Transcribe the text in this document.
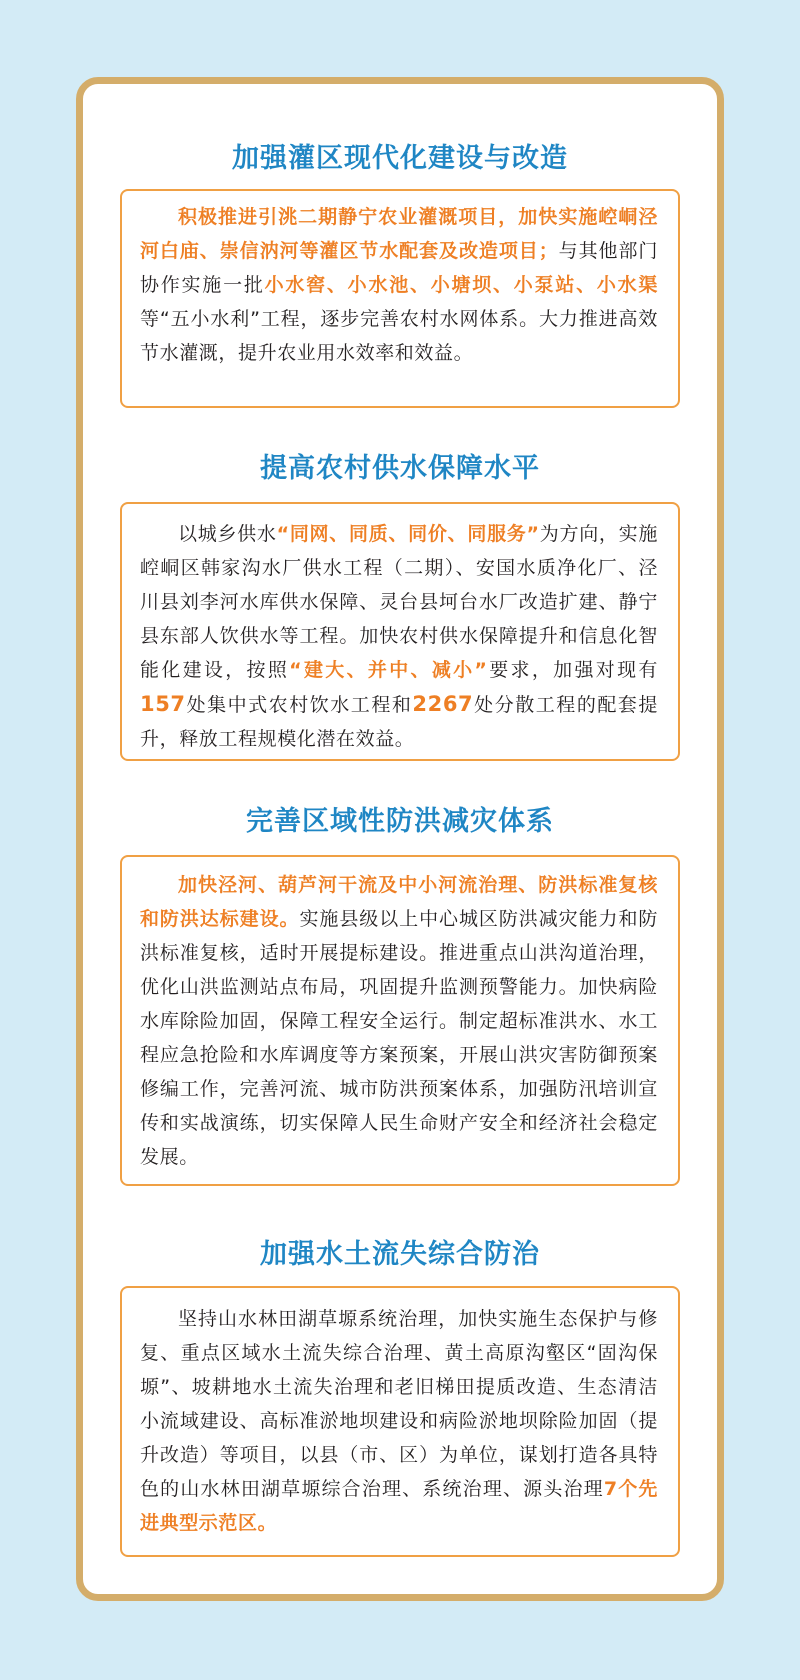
加强灌区现代化建设与改造

积极推进引洮二期静宁农业灌溉项目，加快实施崆峒泾河白庙、崇信汭河等灌区节水配套及改造项目；与其他部门协作实施一批小水窖、小水池、小塘坝、小泵站、小水渠等“五小水利”工程，逐步完善农村水网体系。大力推进高效节水灌溉，提升农业用水效率和效益。

提高农村供水保障水平

以城乡供水“同网、同质、同价、同服务”为方向，实施崆峒区韩家沟水厂供水工程（二期）、安国水质净化厂、泾川县刘李河水库供水保障、灵台县坷台水厂改造扩建、静宁县东部人饮供水等工程。加快农村供水保障提升和信息化智能化建设，按照“建大、并中、减小”要求，加强对现有157处集中式农村饮水工程和2267处分散工程的配套提升，释放工程规模化潜在效益。

完善区域性防洪减灾体系

加快泾河、葫芦河干流及中小河流治理、防洪标准复核和防洪达标建设。实施县级以上中心城区防洪减灾能力和防洪标准复核，适时开展提标建设。推进重点山洪沟道治理，优化山洪监测站点布局，巩固提升监测预警能力。加快病险水库除险加固，保障工程安全运行。制定超标准洪水、水工程应急抢险和水库调度等方案预案，开展山洪灾害防御预案修编工作，完善河流、城市防洪预案体系，加强防汛培训宣传和实战演练，切实保障人民生命财产安全和经济社会稳定发展。

加强水土流失综合防治

坚持山水林田湖草塬系统治理，加快实施生态保护与修复、重点区域水土流失综合治理、黄土高原沟壑区“固沟保塬”、坡耕地水土流失治理和老旧梯田提质改造、生态清洁小流域建设、高标准淤地坝建设和病险淤地坝除险加固（提升改造）等项目，以县（市、区）为单位，谋划打造各具特色的山水林田湖草塬综合治理、系统治理、源头治理7个先进典型示范区。
